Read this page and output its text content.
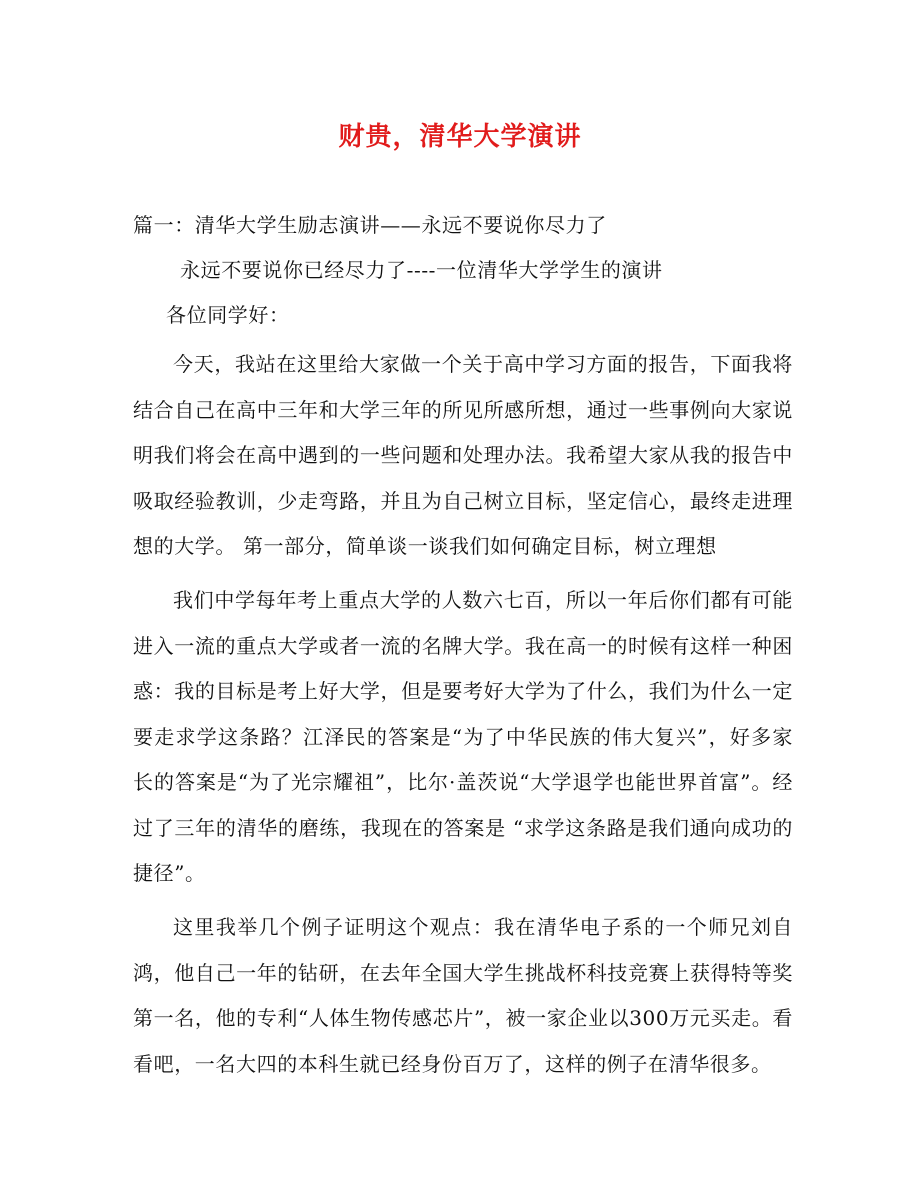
财贵，清华大学演讲
篇一：清华大学生励志演讲——永远不要说你尽力了
永远不要说你已经尽力了----一位清华大学学生的演讲
各位同学好：

今天，我站在这里给大家做一个关于高中学习方面的报告，下面我将结合自己在高中三年和大学三年的所见所感所想，通过一些事例向大家说明我们将会在高中遇到的一些问题和处理办法。我希望大家从我的报告中吸取经验教训，少走弯路，并且为自己树立目标，坚定信心，最终走进理想的大学。 第一部分，简单谈一谈我们如何确定目标，树立理想

我们中学每年考上重点大学的人数六七百，所以一年后你们都有可能进入一流的重点大学或者一流的名牌大学。我在高一的时候有这样一种困惑：我的目标是考上好大学，但是要考好大学为了什么，我们为什么一定要走求学这条路？江泽民的答案是“为了中华民族的伟大复兴”，好多家长的答案是“为了光宗耀祖”，比尔·盖茨说“大学退学也能世界首富”。经过了三年的清华的磨练，我现在的答案是 “求学这条路是我们通向成功的捷径”。

这里我举几个例子证明这个观点：我在清华电子系的一个师兄刘自鸿，他自己一年的钻研，在去年全国大学生挑战杯科技竞赛上获得特等奖第一名，他的专利“人体生物传感芯片”，被一家企业以300万元买走。看看吧，一名大四的本科生就已经身份百万了，这样的例子在清华很多。
